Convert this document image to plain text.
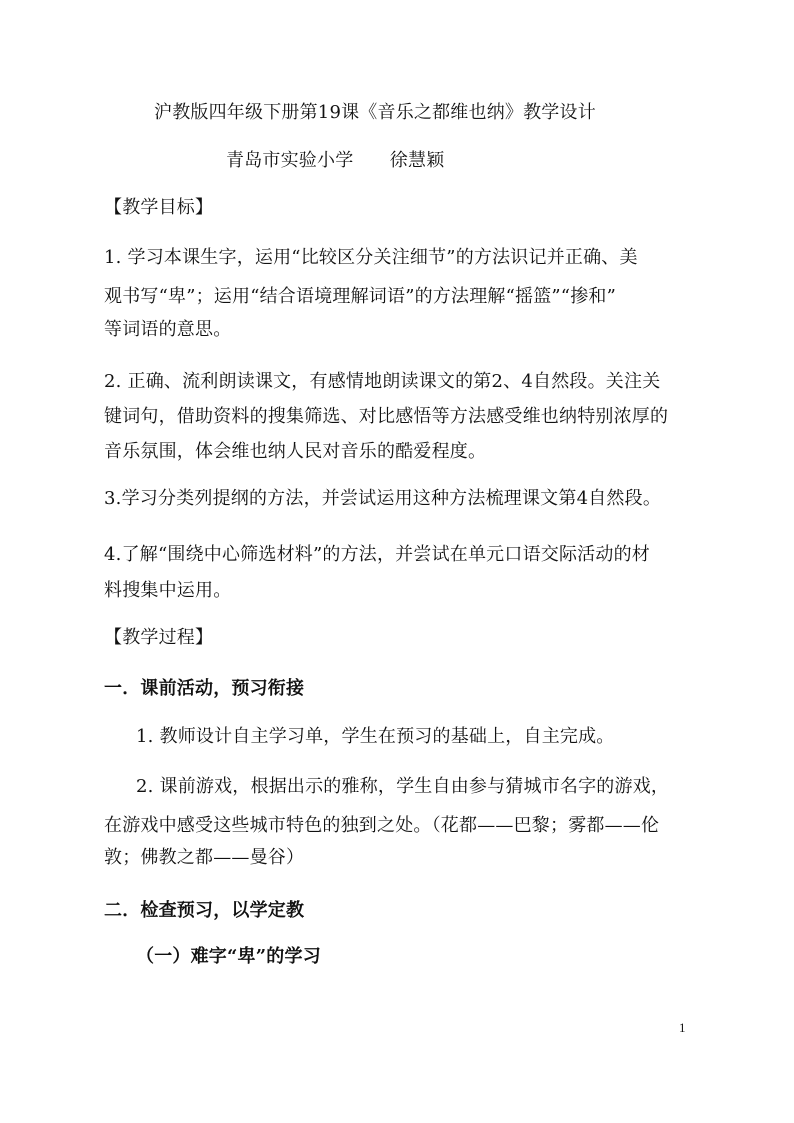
沪教版四年级下册第19课《音乐之都维也纳》教学设计
青岛市实验小学　　徐慧颖
【教学目标】
1. 学习本课生字，运用“比较区分关注细节”的方法识记并正确、美
观书写“卑”；运用“结合语境理解词语”的方法理解“摇篮”“掺和”
等词语的意思。
2. 正确、流利朗读课文，有感情地朗读课文的第2、4自然段。关注关
键词句，借助资料的搜集筛选、对比感悟等方法感受维也纳特别浓厚的
音乐氛围，体会维也纳人民对音乐的酷爱程度。
3.学习分类列提纲的方法，并尝试运用这种方法梳理课文第4自然段。
4.了解“围绕中心筛选材料”的方法，并尝试在单元口语交际活动的材
料搜集中运用。
【教学过程】
一．课前活动，预习衔接
1. 教师设计自主学习单，学生在预习的基础上，自主完成。
2. 课前游戏，根据出示的雅称，学生自由参与猜城市名字的游戏，
在游戏中感受这些城市特色的独到之处。（花都——巴黎；雾都——伦
敦；佛教之都——曼谷）
二．检查预习，以学定教
（一）难字“卑”的学习
1
